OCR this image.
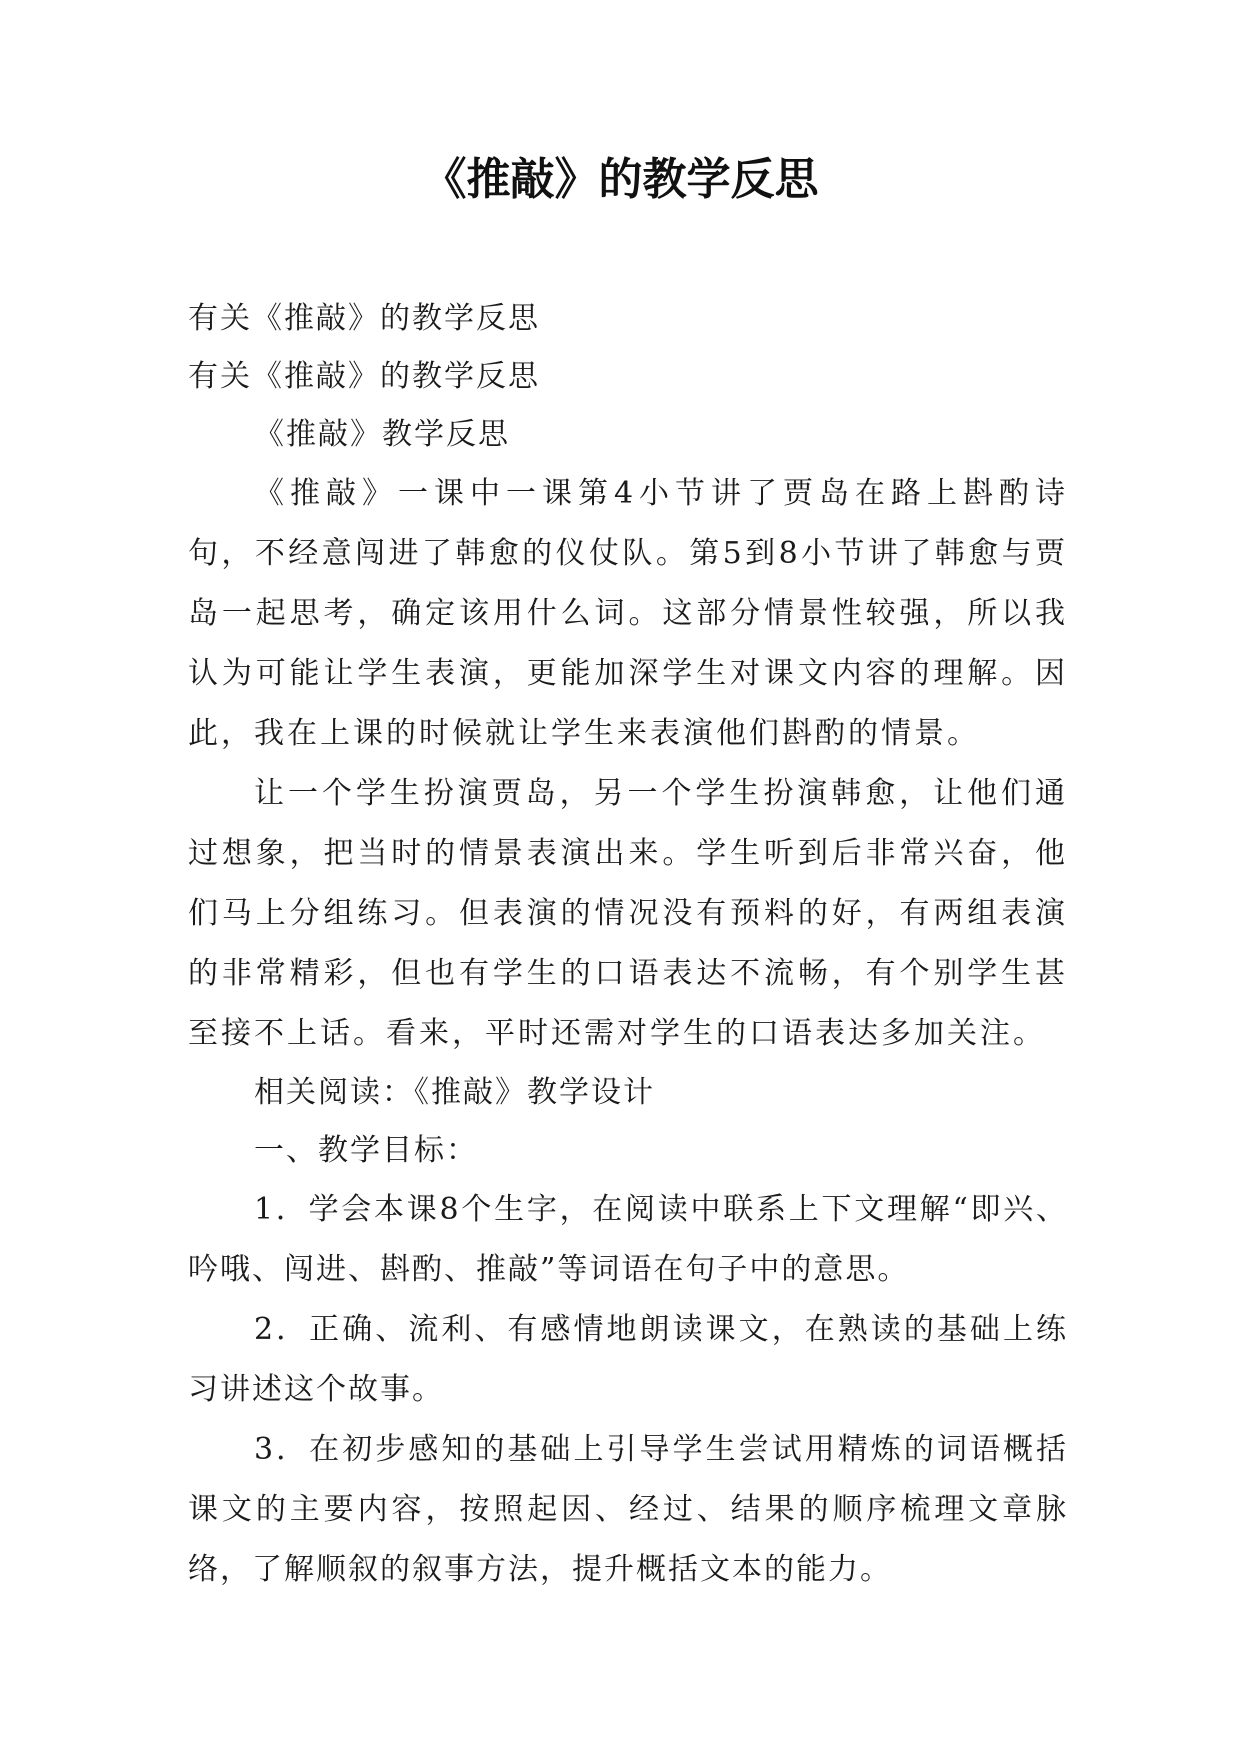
《推敲》的教学反思

有关《推敲》的教学反思

有关《推敲》的教学反思

《推敲》教学反思

《推敲》一课中一课第4小节讲了贾岛在路上斟酌诗句，不经意闯进了韩愈的仪仗队。第5到8小节讲了韩愈与贾岛一起思考，确定该用什么词。这部分情景性较强，所以我认为可能让学生表演，更能加深学生对课文内容的理解。因此，我在上课的时候就让学生来表演他们斟酌的情景。

让一个学生扮演贾岛，另一个学生扮演韩愈，让他们通过想象，把当时的情景表演出来。学生听到后非常兴奋，他们马上分组练习。但表演的情况没有预料的好，有两组表演的非常精彩，但也有学生的口语表达不流畅，有个别学生甚至接不上话。看来，平时还需对学生的口语表达多加关注。

相关阅读：《推敲》教学设计

一、教学目标：

1．学会本课8个生字，在阅读中联系上下文理解“即兴、吟哦、闯进、斟酌、推敲”等词语在句子中的意思。

2．正确、流利、有感情地朗读课文，在熟读的基础上练习讲述这个故事。

3．在初步感知的基础上引导学生尝试用精炼的词语概括课文的主要内容，按照起因、经过、结果的顺序梳理文章脉络，了解顺叙的叙事方法，提升概括文本的能力。
